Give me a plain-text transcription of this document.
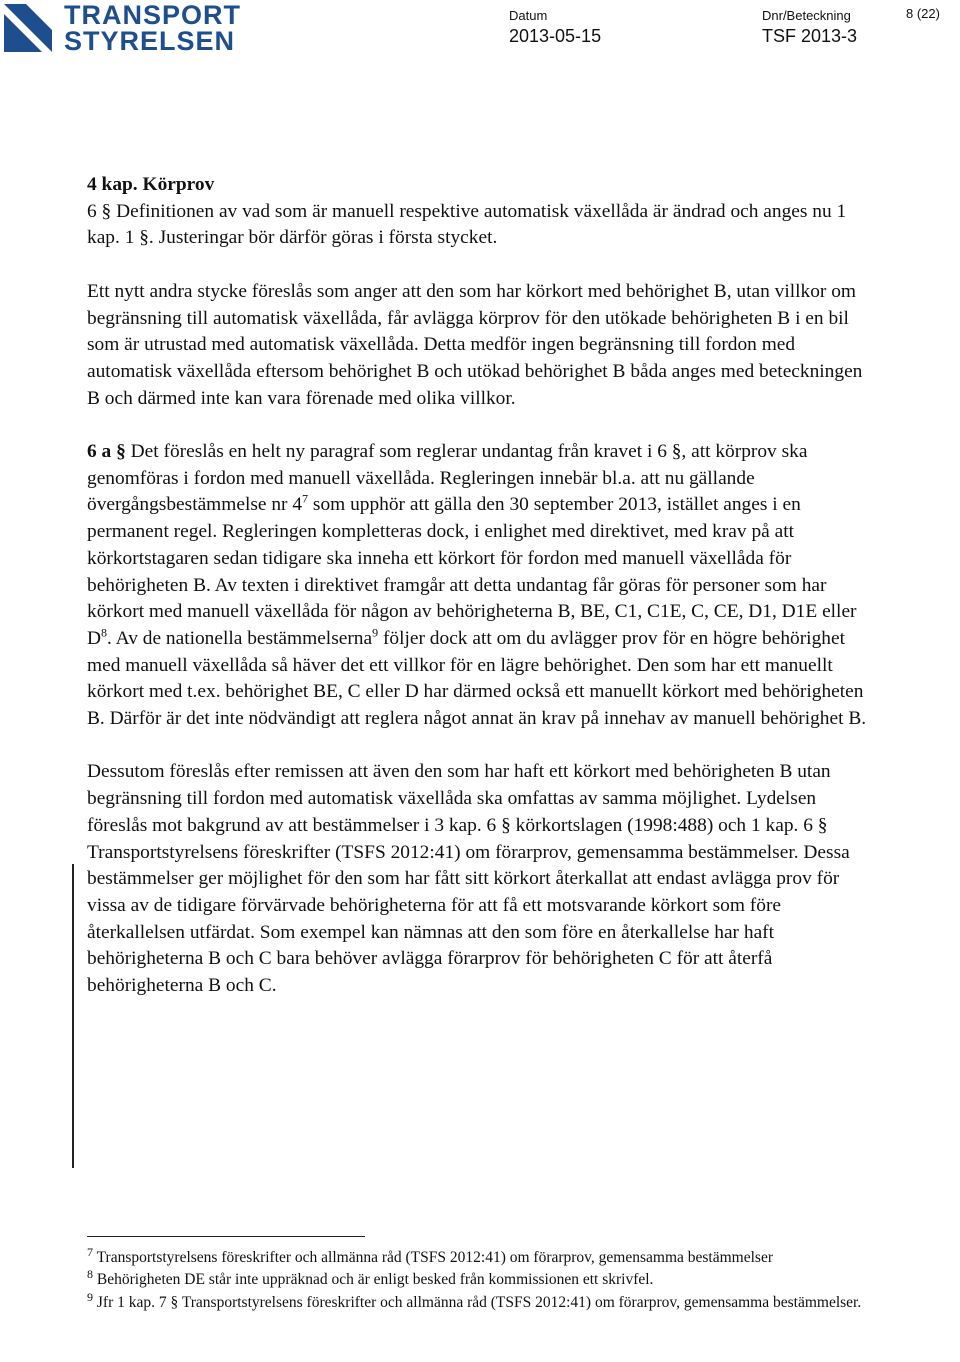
TRANSPORT
STYRELSEN
Datum
2013-05-15
Dnr/Beteckning
TSF 2013-3
8 (22)

4 kap. Körprov

6 § Definitionen av vad som är manuell respektive automatisk växellåda är ändrad och anges nu 1 kap. 1 §. Justeringar bör därför göras i första stycket.

Ett nytt andra stycke föreslås som anger att den som har körkort med behörighet B, utan villkor om begränsning till automatisk växellåda, får avlägga körprov för den utökade behörigheten B i en bil som är utrustad med automatisk växellåda. Detta medför ingen begränsning till fordon med automatisk växellåda eftersom behörighet B och utökad behörighet B båda anges med beteckningen B och därmed inte kan vara förenade med olika villkor.

6 a § Det föreslås en helt ny paragraf som reglerar undantag från kravet i 6 §, att körprov ska genomföras i fordon med manuell växellåda. Regleringen innebär bl.a. att nu gällande övergångsbestämmelse nr $4^7$ som upphör att gälla den 30 september 2013, istället anges i en permanent regel. Regleringen kompletteras dock, i enlighet med direktivet, med krav på att körkortstagaren sedan tidigare ska inneha ett körkort för fordon med manuell växellåda för behörigheten B. Av texten i direktivet framgår att detta undantag får göras för personer som har körkort med manuell växellåda för någon av behörigheterna B, BE, C1, C1E, C, CE, D1, D1E eller $D^8$. Av de nationella bestämmelserna$^9$ följer dock att om du avlägger prov för en högre behörighet med manuell växellåda så häver det ett villkor för en lägre behörighet. Den som har ett manuellt körkort med t.ex. behörighet BE, C eller D har därmed också ett manuellt körkort med behörigheten B. Därför är det inte nödvändigt att reglera något annat än krav på innehav av manuell behörighet B.

Dessutom föreslås efter remissen att även den som har haft ett körkort med behörigheten B utan begränsning till fordon med automatisk växellåda ska omfattas av samma möjlighet. Lydelsen föreslås mot bakgrund av att bestämmelser i 3 kap. 6 § körkortslagen (1998:488) och 1 kap. 6 § Transportstyrelsens föreskrifter (TSFS 2012:41) om förarprov, gemensamma bestämmelser. Dessa bestämmelser ger möjlighet för den som har fått sitt körkort återkallat att endast avlägga prov för vissa av de tidigare förvärvade behörigheterna för att få ett motsvarande körkort som före återkallelsen utfärdat. Som exempel kan nämnas att den som före en återkallelse har haft behörigheterna B och C bara behöver avlägga förarprov för behörigheten C för att återfå behörigheterna B och C.

$^7$ Transportstyrelsens föreskrifter och allmänna råd (TSFS 2012:41) om förarprov, gemensamma bestämmelser

$^8$ Behörigheten DE står inte uppräknad och är enligt besked från kommissionen ett skrivfel.

$^9$ Jfr 1 kap. 7 § Transportstyrelsens föreskrifter och allmänna råd (TSFS 2012:41) om förarprov, gemensamma bestämmelser.
